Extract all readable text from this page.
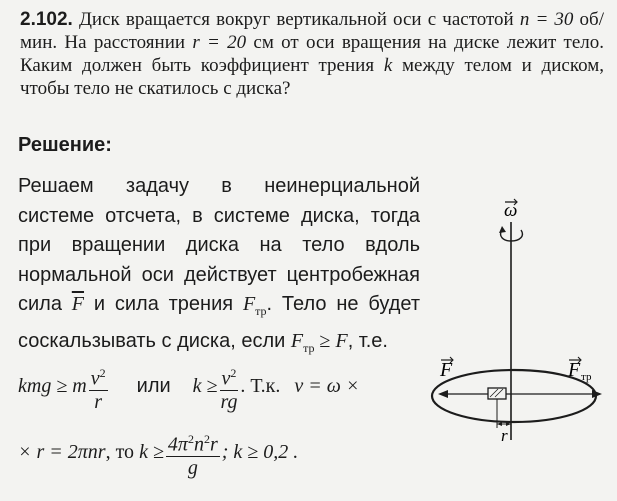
2.102. Диск вращается вокруг вертикальной оси с частотой n = 30 об/мин. На расстоянии r = 20 см от оси вращения на диске лежит тело. Каким должен быть коэффициент трения k между телом и диском, чтобы тело не скатилось с диска?
Решение:
Решаем задачу в неинерциальной системе отсчета, в системе диска, тогда при вращении диска на тело вдоль нормальной оси действует центробежная сила $\overline{F}$ и сила трения $F_{тр}$. Тело не будет соскальзывать с диска, если $F_{тр} \ge F$, т.е.
kmg ≥ m $\frac{v^2}{r}$ или $k \ge \frac{v^2}{rg}$ . Т.к. v = ω ×
× r = 2πnr, то $k \ge \frac{4\pi^2n^2r}{g}$ ; k ≥ 0,2 .
ω
F	F тр
r
